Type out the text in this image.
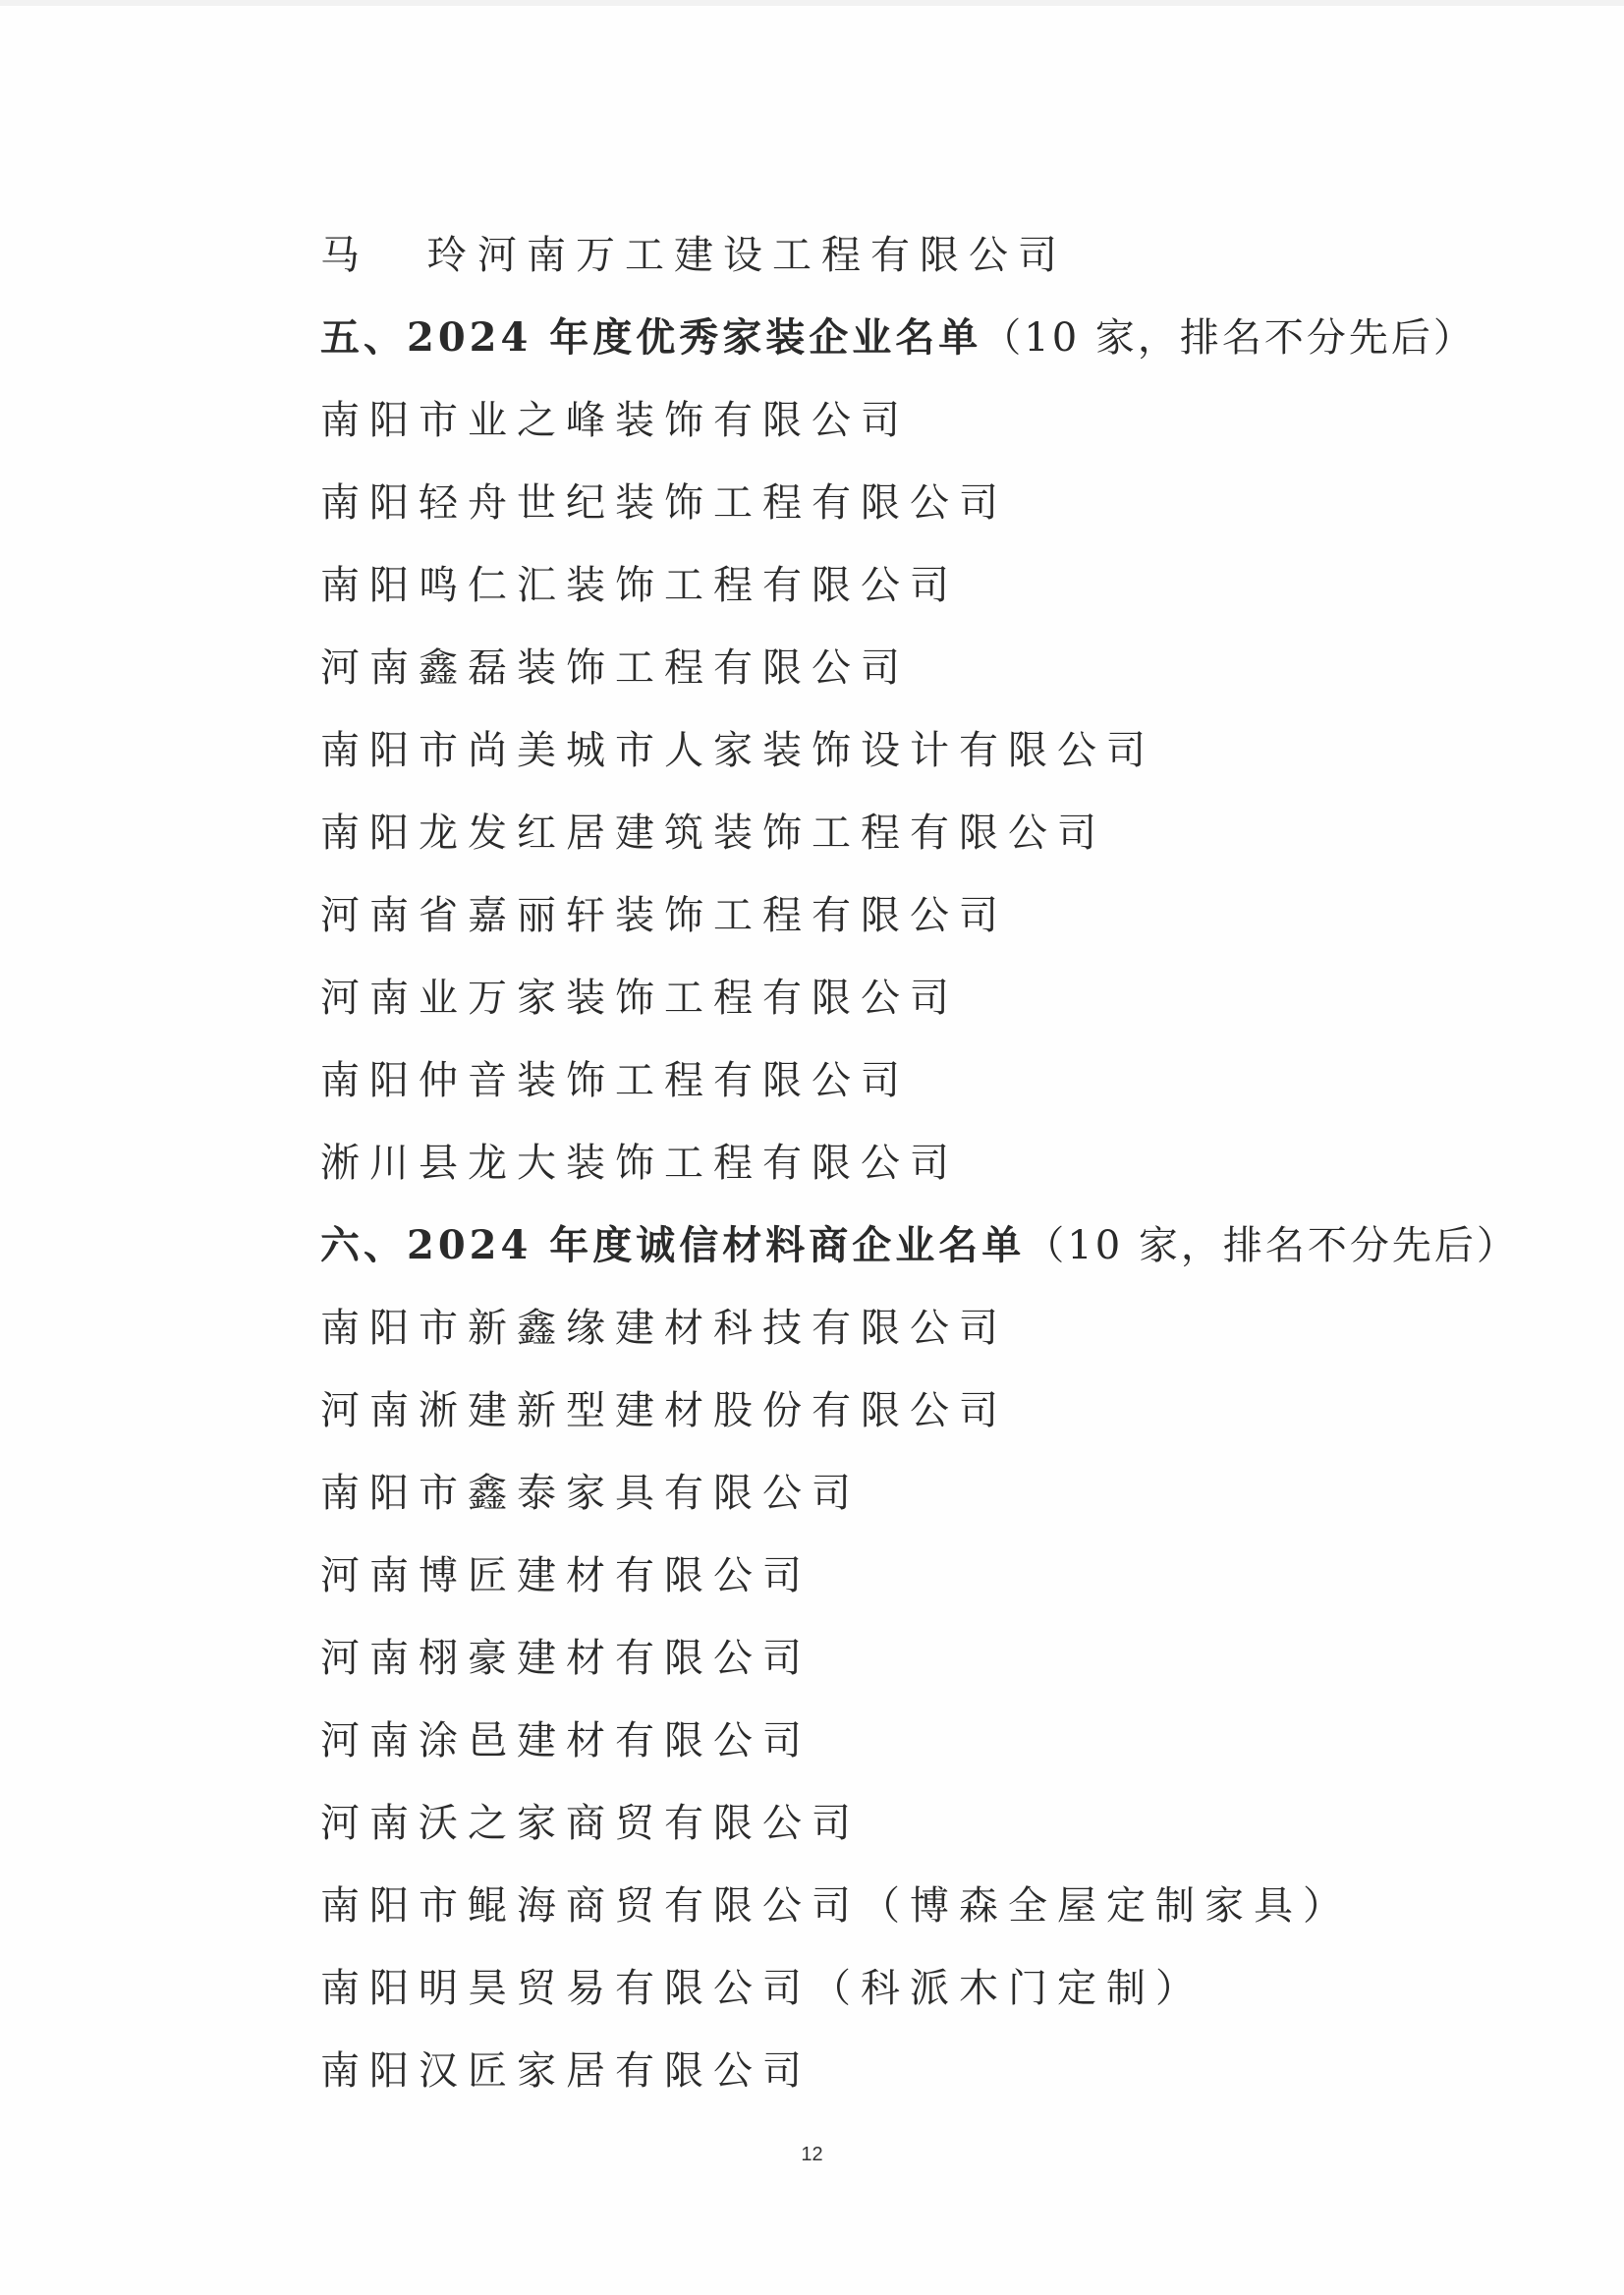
马 玲河南万工建设工程有限公司
五、2024 年度优秀家装企业名单（10 家，排名不分先后）
南阳市业之峰装饰有限公司
南阳轻舟世纪装饰工程有限公司
南阳鸣仁汇装饰工程有限公司
河南鑫磊装饰工程有限公司
南阳市尚美城市人家装饰设计有限公司
南阳龙发红居建筑装饰工程有限公司
河南省嘉丽轩装饰工程有限公司
河南业万家装饰工程有限公司
南阳仲音装饰工程有限公司
淅川县龙大装饰工程有限公司
六、2024 年度诚信材料商企业名单（10 家，排名不分先后）
南阳市新鑫缘建材科技有限公司
河南淅建新型建材股份有限公司
南阳市鑫泰家具有限公司
河南博匠建材有限公司
河南栩豪建材有限公司
河南涂邑建材有限公司
河南沃之家商贸有限公司
南阳市鲲海商贸有限公司（博森全屋定制家具）
南阳明昊贸易有限公司（科派木门定制）
南阳汉匠家居有限公司
12
